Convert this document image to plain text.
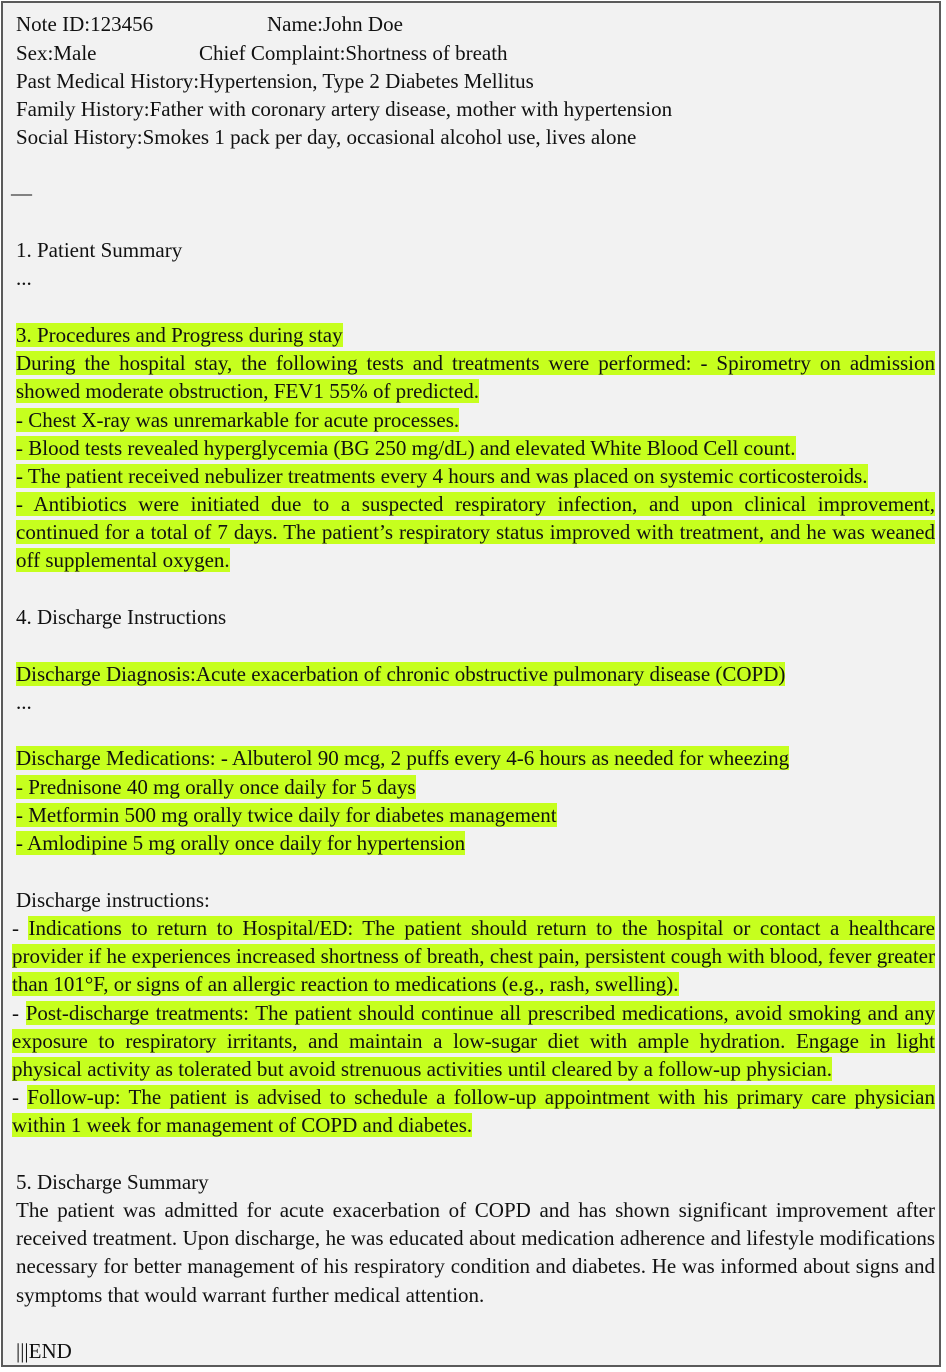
Note ID:123456	Name:John Doe
Sex:Male	Chief Complaint:Shortness of breath
Past Medical History:Hypertension, Type 2 Diabetes Mellitus
Family History:Father with coronary artery disease, mother with hypertension
Social History:Smokes 1 pack per day, occasional alcohol use, lives alone
—
1. Patient Summary
...
3. Procedures and Progress during stay
During the hospital stay, the following tests and treatments were performed: - Spirometry on admission showed moderate obstruction, FEV1 55% of predicted.
- Chest X-ray was unremarkable for acute processes.
- Blood tests revealed hyperglycemia (BG 250 mg/dL) and elevated White Blood Cell count.
- The patient received nebulizer treatments every 4 hours and was placed on systemic corticosteroids.
- Antibiotics were initiated due to a suspected respiratory infection, and upon clinical improvement, continued for a total of 7 days. The patient’s respiratory status improved with treatment, and he was weaned off supplemental oxygen.
4. Discharge Instructions
Discharge Diagnosis:Acute exacerbation of chronic obstructive pulmonary disease (COPD)
...
Discharge Medications: - Albuterol 90 mcg, 2 puffs every 4-6 hours as needed for wheezing
- Prednisone 40 mg orally once daily for 5 days
- Metformin 500 mg orally twice daily for diabetes management
- Amlodipine 5 mg orally once daily for hypertension
Discharge instructions:
- Indications to return to Hospital/ED: The patient should return to the hospital or contact a healthcare provider if he experiences increased shortness of breath, chest pain, persistent cough with blood, fever greater than 101°F, or signs of an allergic reaction to medications (e.g., rash, swelling).
- Post-discharge treatments: The patient should continue all prescribed medications, avoid smoking and any exposure to respiratory irritants, and maintain a low-sugar diet with ample hydration. Engage in light physical activity as tolerated but avoid strenuous activities until cleared by a follow-up physician.
- Follow-up: The patient is advised to schedule a follow-up appointment with his primary care physician within 1 week for management of COPD and diabetes.
5. Discharge Summary
The patient was admitted for acute exacerbation of COPD and has shown significant improvement after received treatment. Upon discharge, he was educated about medication adherence and lifestyle modifications necessary for better management of his respiratory condition and diabetes. He was informed about signs and symptoms that would warrant further medical attention.
|||END
